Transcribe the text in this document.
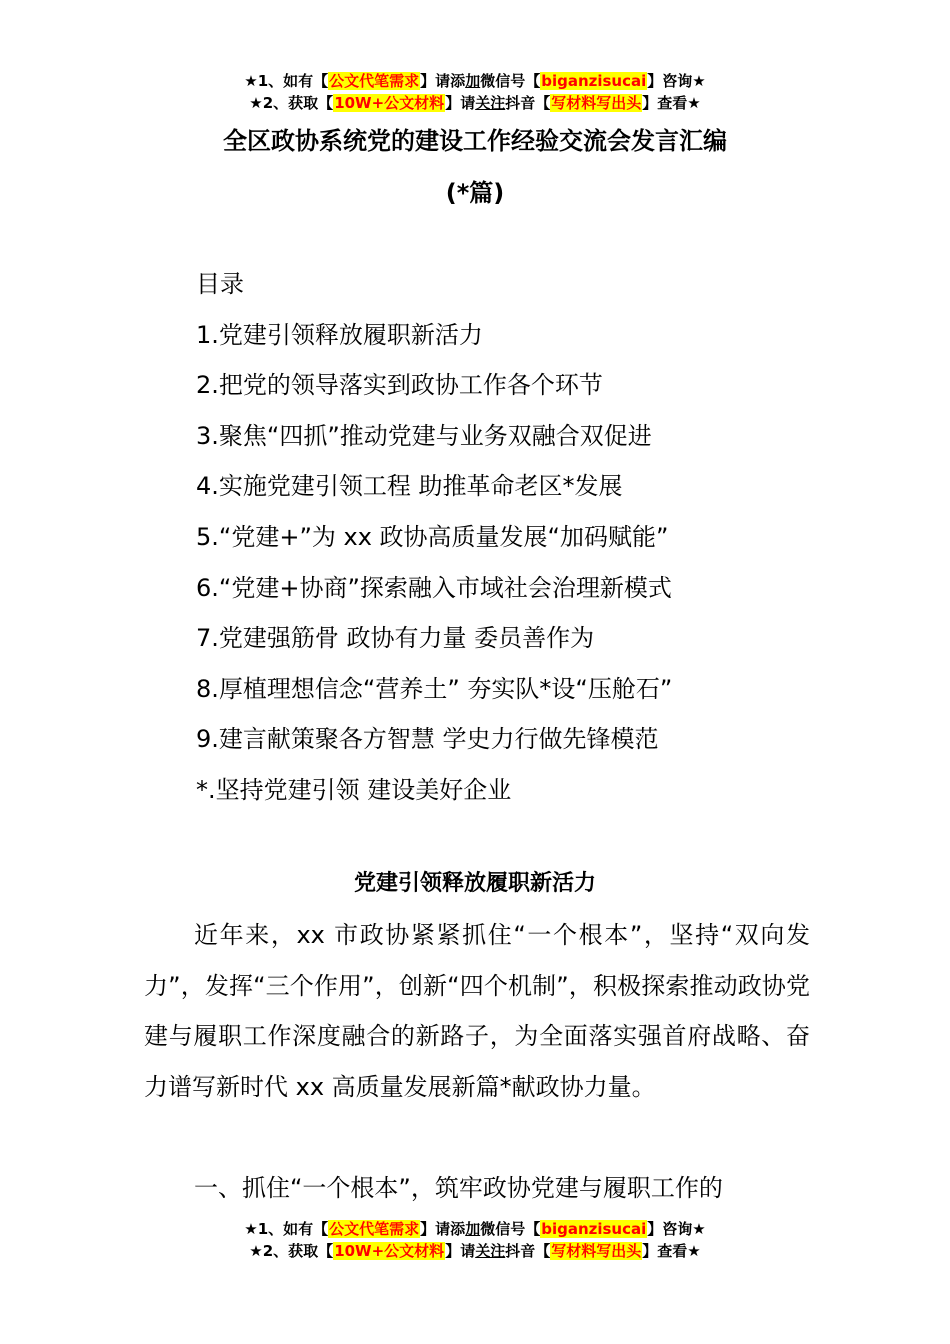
★1、如有【公文代笔需求】请添加微信号【biganzisucai】咨询★
★2、获取【10W+公文材料】请关注抖音【写材料写出头】查看★
全区政协系统党的建设工作经验交流会发言汇编
(*篇)
目录
1.党建引领释放履职新活力
2.把党的领导落实到政协工作各个环节
3.聚焦“四抓”推动党建与业务双融合双促进
4.实施党建引领工程 助推革命老区*发展
5.“党建+”为 xx 政协高质量发展“加码赋能”
6.“党建+协商”探索融入市域社会治理新模式
7.党建强筋骨 政协有力量 委员善作为
8.厚植理想信念“营养土” 夯实队*设“压舱石”
9.建言献策聚各方智慧 学史力行做先锋模范
*.坚持党建引领 建设美好企业
党建引领释放履职新活力

近年来，xx 市政协紧紧抓住“一个根本”，坚持“双向发力”，发挥“三个作用”，创新“四个机制”，积极探索推动政协党建与履职工作深度融合的新路子，为全面落实强首府战略、奋力谱写新时代 xx 高质量发展新篇*献政协力量。

一、抓住“一个根本”，筑牢政协党建与履职工作的

★1、如有【公文代笔需求】请添加微信号【biganzisucai】咨询★
★2、获取【10W+公文材料】请关注抖音【写材料写出头】查看★
